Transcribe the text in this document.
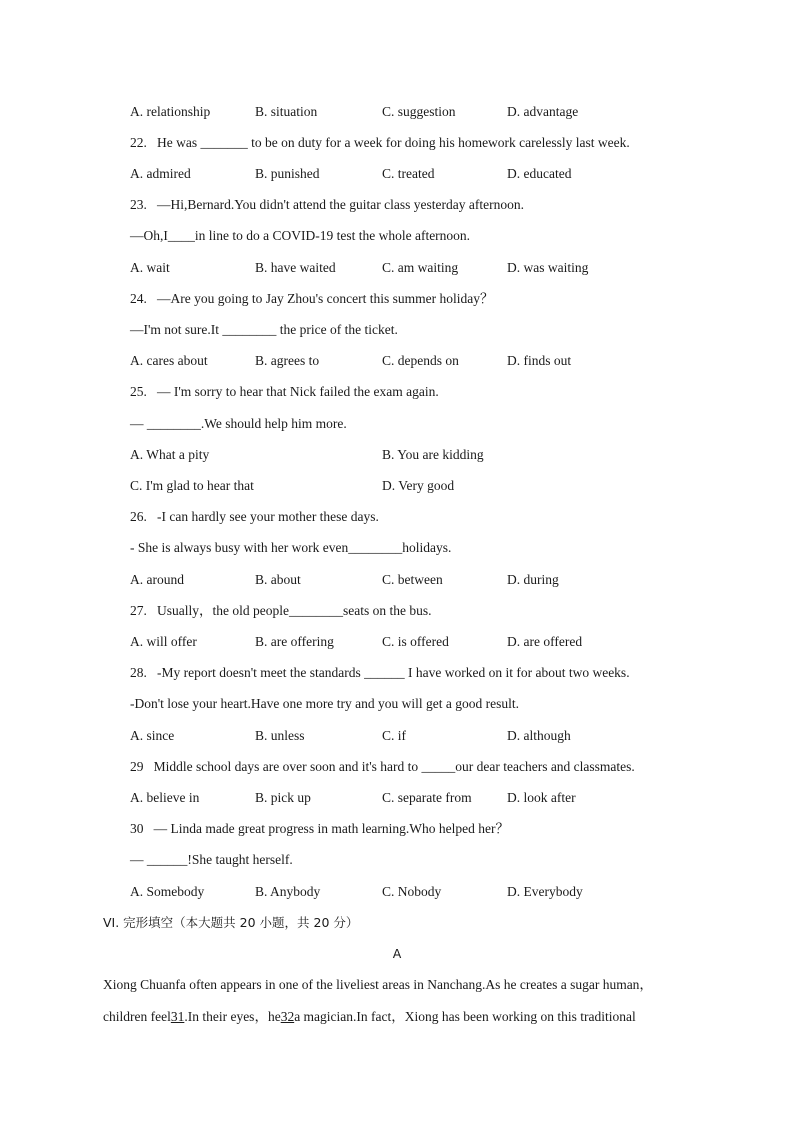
A. relationship

	B. situation

	C. suggestion

	D. advantage

22.   He was _______ to be on duty for a week for doing his homework carelessly last week.

A. admired

	B. punished

	C. treated

	D. educated

23.   —Hi,Bernard.You didn't attend the guitar class yesterday afternoon.
—Oh,I____in line to do a COVID-19 test the whole afternoon.

A. wait

	B. have waited

	C. am waiting

	D. was waiting

24.   —Are you going to Jay Zhou's concert this summer holiday？
—I'm not sure.It ________ the price of the ticket.

A. cares about

	B. agrees to

	C. depends on

	D. finds out

25.   — I'm sorry to hear that Nick failed the exam again.
— ________.We should help him more.

A. What a pity

	B. You are kidding

C. I'm glad to hear that

	D. Very good

26.   -I can hardly see your mother these days.
- She is always busy with her work even________holidays.

A. around

	B. about

	C. between

	D. during

27.   Usually，the old people________seats on the bus.

A. will offer

	B. are offering

	C. is offered

	D. are offered

28.   -My report doesn't meet the standards ______ I have worked on it for about two weeks.
-Don't lose your heart.Have one more try and you will get a good result.

A. since

	B. unless

	C. if

	D. although

29   Middle school days are over soon and it's hard to _____our dear teachers and classmates.

A. believe in

	B. pick up

	C. separate from

	D. look after

30   — Linda made great progress in math learning.Who helped her？
— ______!She taught herself.

A. Somebody

	B. Anybody

	C. Nobody

	D. Everybody

VI. 完形填空（本大题共 20 小题，共 20 分）
A
Xiong Chuanfa often appears in one of the liveliest areas in Nanchang.As he creates a sugar human，
children feel31.In their eyes，he32a magician.In fact，Xiong has been working on this traditional
